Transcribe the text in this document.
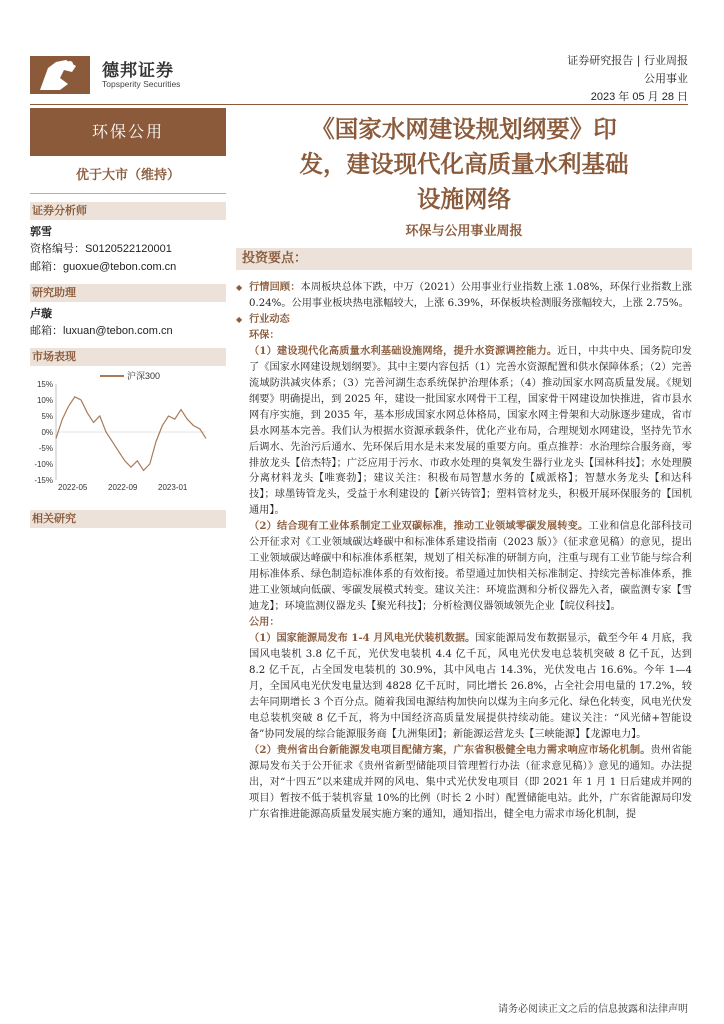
德邦证券
Topsperity Securities
证券研究报告 | 行业周报
公用事业
2023 年 05 月 28 日
环保公用
优于大市（维持）
证券分析师
郭雪
资格编号：S0120522120001
邮箱：guoxue@tebon.com.cn
研究助理
卢璇
邮箱：luxuan@tebon.com.cn
市场表现
15%
10%
5%
0%
-5%
-10%
-15%
2022-05	2022-09	2023-01
沪深300
相关研究
《国家水网建设规划纲要》印
发，建设现代化高质量水利基础
设施网络
环保与公用事业周报
投资要点：
◆ 行情回顾：本周板块总体下跌，中万（2021）公用事业行业指数上涨 1.08%，环保行业指数上涨 0.24%。公用事业板块热电涨幅较大，上涨 6.39%，环保板块检测服务涨幅较大，上涨 2.75%。
◆ 行业动态
环保：
（1）建设现代化高质量水利基础设施网络，提升水资源调控能力。近日，中共中央、国务院印发了《国家水网建设规划纲要》。其中主要内容包括（1）完善水资源配置和供水保障体系；（2）完善流域防洪减灾体系；（3）完善河湖生态系统保护治理体系；（4）推动国家水网高质量发展。《规划纲要》明确提出，到 2025 年，建设一批国家水网骨干工程，国家骨干网建设加快推进，省市县水网有序实施，到 2035 年，基本形成国家水网总体格局，国家水网主骨架和大动脉逐步建成，省市县水网基本完善。我们认为根据水资源承载条件，优化产业布局，合理规划水网建设，坚持先节水后调水、先治污后通水、先环保后用水是未来发展的重要方向。重点推荐：水治理综合服务商，零排放龙头【倍杰特】；广泛应用于污水、市政水处理的臭氧发生器行业龙头【国林科技】；水处理膜分离材料龙头【唯赛勃】；建议关注：积极布局智慧水务的【威派格】；智慧水务龙头【和达科技】；球墨铸管龙头，受益于水利建设的【新兴铸管】；塑料管材龙头，积极开展环保服务的【国机通用】。
（2）结合现有工业体系制定工业双碳标准，推动工业领域零碳发展转变。工业和信息化部科技司公开征求对《工业领域碳达峰碳中和标准体系建设指南（2023 版）》（征求意见稿）的意见，提出工业领域碳达峰碳中和标准体系框架，规划了相关标准的研制方向，注重与现有工业节能与综合利用标准体系、绿色制造标准体系的有效衔接。希望通过加快相关标准制定、持续完善标准体系，推进工业领域向低碳、零碳发展模式转变。建议关注：环境监测和分析仪器先入者，碳监测专家【雪迪龙】；环境监测仪器龙头【聚光科技】；分析检测仪器领域领先企业【皖仪科技】。
公用：
（1）国家能源局发布 1-4 月风电光伏装机数据。国家能源局发布数据显示，截至今年 4 月底，我国风电装机 3.8 亿千瓦，光伏发电装机 4.4 亿千瓦，风电光伏发电总装机突破 8 亿千瓦，达到 8.2 亿千瓦，占全国发电装机的 30.9%，其中风电占 14.3%，光伏发电占 16.6%。今年 1—4 月，全国风电光伏发电量达到 4828 亿千瓦时，同比增长 26.8%，占全社会用电量的 17.2%，较去年同期增长 3 个百分点。随着我国电源结构加快向以煤为主向多元化、绿色化转变，风电光伏发电总装机突破 8 亿千瓦，将为中国经济高质量发展提供持续动能。建议关注：“风光储+智能设备”协同发展的综合能源服务商【九洲集团】；新能源运营龙头【三峡能源】【龙源电力】。
（2）贵州省出台新能源发电项目配储方案，广东省积极健全电力需求响应市场化机制。贵州省能源局发布关于公开征求《贵州省新型储能项目管理暂行办法（征求意见稿）》意见的通知。办法提出，对“十四五”以来建成并网的风电、集中式光伏发电项目（即 2021 年 1 月 1 日后建成并网的项目）暂按不低于装机容量 10%的比例（时长 2 小时）配置储能电站。此外，广东省能源局印发广东省推进能源高质量发展实施方案的通知，通知指出，健全电力需求市场化机制，提
请务必阅读正文之后的信息披露和法律声明
